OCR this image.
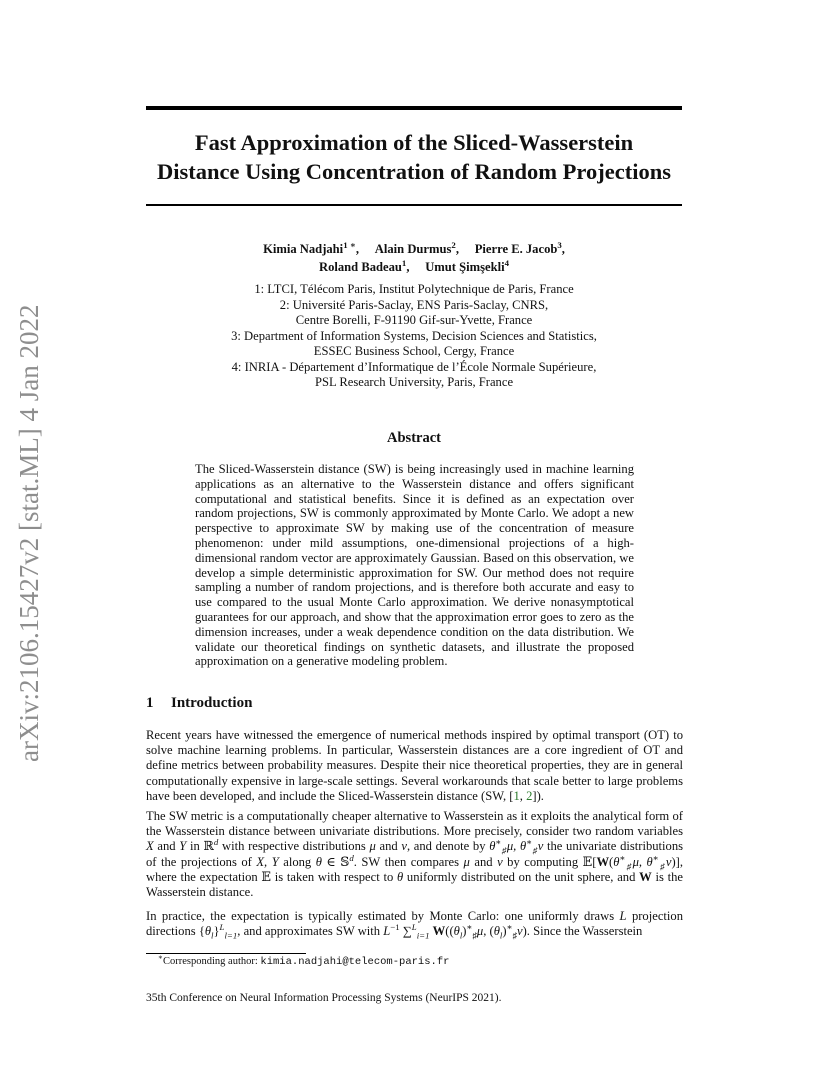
arXiv:2106.15427v2 [stat.ML] 4 Jan 2022
Fast Approximation of the Sliced-Wasserstein
Distance Using Concentration of Random Projections
Kimia Nadjahi$^{1 ∗}$,     Alain Durmus$^2$,     Pierre E. Jacob$^3$,
Roland Badeau$^1$,     Umut Şimşekli$^4$
1: LTCI, Télécom Paris, Institut Polytechnique de Paris, France
2: Université Paris-Saclay, ENS Paris-Saclay, CNRS,
Centre Borelli, F-91190 Gif-sur-Yvette, France
3: Department of Information Systems, Decision Sciences and Statistics,
ESSEC Business School, Cergy, France
4: INRIA - Département d’Informatique de l’École Normale Supérieure,
PSL Research University, Paris, France
Abstract
The Sliced-Wasserstein distance (SW) is being increasingly used in machine learning applications as an alternative to the Wasserstein distance and offers significant computational and statistical benefits. Since it is defined as an expectation over random projections, SW is commonly approximated by Monte Carlo. We adopt a new perspective to approximate SW by making use of the concentration of measure phenomenon: under mild assumptions, one-dimensional projections of a high-dimensional random vector are approximately Gaussian. Based on this observation, we develop a simple deterministic approximation for SW. Our method does not require sampling a number of random projections, and is therefore both accurate and easy to use compared to the usual Monte Carlo approximation. We derive nonasymptotical guarantees for our approach, and show that the approximation error goes to zero as the dimension increases, under a weak dependence condition on the data distribution. We validate our theoretical findings on synthetic datasets, and illustrate the proposed approximation on a generative modeling problem.
1 Introduction
Recent years have witnessed the emergence of numerical methods inspired by optimal transport (OT) to solve machine learning problems. In particular, Wasserstein distances are a core ingredient of OT and define metrics between probability measures. Despite their nice theoretical properties, they are in general computationally expensive in large-scale settings. Several workarounds that scale better to large problems have been developed, and include the Sliced-Wasserstein distance (SW, [1, 2]).
The SW metric is a computationally cheaper alternative to Wasserstein as it exploits the analytical form of the Wasserstein distance between univariate distributions. More precisely, consider two random variables X and Y in ℝ$^d$ with respective distributions μ and ν, and denote by $\theta^∗_♯\mu$, $\theta^∗_♯\nu$ the univariate distributions of the projections of X, Y along θ ∈ 𝕊$^d$. SW then compares μ and ν by computing $𝔼[W(\theta^∗_♯\mu$, $\theta^∗_♯\nu$)], where the expectation 𝔼 is taken with respect to θ uniformly distributed on the unit sphere, and W is the Wasserstein distance.
In practice, the expectation is typically estimated by Monte Carlo: one uniformly draws L projection directions $\{\theta_l\}^L_{l=1}$, and approximates SW with $L^{-1}$ ∑$^L_{i=1}$ $W((\theta_l)^∗_♯\mu$, $(\theta_l)^∗_♯\nu$). Since the Wasserstein
∗Corresponding author: kimia.nadjahi@telecom-paris.fr
35th Conference on Neural Information Processing Systems (NeurIPS 2021).
